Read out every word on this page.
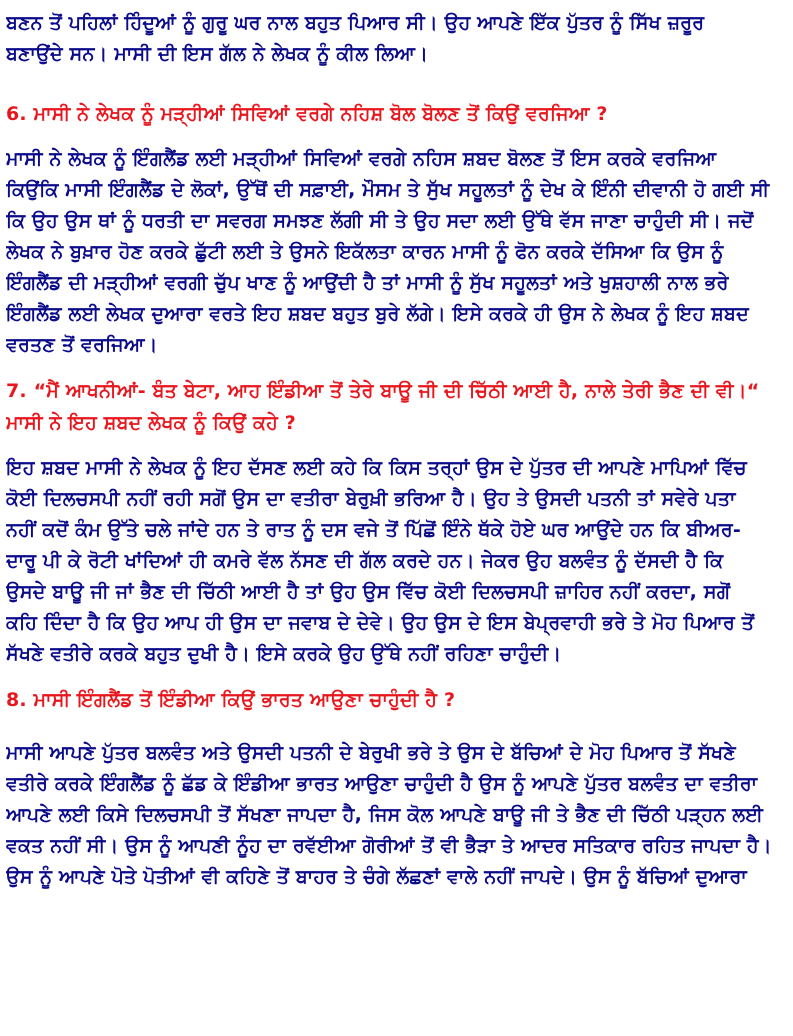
ਬਣਨ ਤੋਂ ਪਹਿਲਾਂ ਹਿੰਦੂਆਂ ਨੂੰ ਗੁਰੂ ਘਰ ਨਾਲ ਬਹੁਤ ਪਿਆਰ ਸੀ। ਉਹ ਆਪਣੇ ਇੱਕ ਪੁੱਤਰ ਨੂੰ ਸਿੱਖ ਜ਼ਰੂਰ
ਬਣਾਉਂਦੇ ਸਨ। ਮਾਸੀ ਦੀ ਇਸ ਗੱਲ ਨੇ ਲੇਖਕ ਨੂੰ ਕੀਲ ਲਿਆ।

6. ਮਾਸੀ ਨੇ ਲੇਖਕ ਨੂੰ ਮੜ੍ਹੀਆਂ ਸਿਵਿਆਂ ਵਰਗੇ ਨਹਿਸ਼ ਬੋਲ ਬੋਲਣ ਤੋਂ ਕਿਉਂ ਵਰਜਿਆ ?

ਮਾਸੀ ਨੇ ਲੇਖਕ ਨੂੰ ਇੰਗਲੈਂਡ ਲਈ ਮੜ੍ਹੀਆਂ ਸਿਵਿਆਂ ਵਰਗੇ ਨਹਿਸ ਸ਼ਬਦ ਬੋਲਣ ਤੋਂ ਇਸ ਕਰਕੇ ਵਰਜਿਆ
ਕਿਉਂਕਿ ਮਾਸੀ ਇੰਗਲੈਂਡ ਦੇ ਲੋਕਾਂ, ਉੱਥੋਂ ਦੀ ਸਫ਼ਾਈ, ਮੌਸਮ ਤੇ ਸੁੱਖ ਸਹੂਲਤਾਂ ਨੂੰ ਦੇਖ ਕੇ ਇੰਨੀ ਦੀਵਾਨੀ ਹੋ ਗਈ ਸੀ
ਕਿ ਉਹ ਉਸ ਥਾਂ ਨੂੰ ਧਰਤੀ ਦਾ ਸਵਰਗ ਸਮਝਣ ਲੱਗੀ ਸੀ ਤੇ ਉਹ ਸਦਾ ਲਈ ਉੱਥੇ ਵੱਸ ਜਾਣਾ ਚਾਹੁੰਦੀ ਸੀ। ਜਦੋਂ
ਲੇਖਕ ਨੇ ਬੁਖ਼ਾਰ ਹੋਣ ਕਰਕੇ ਛੁੱਟੀ ਲਈ ਤੇ ਉਸਨੇ ਇਕੱਲਤਾ ਕਾਰਨ ਮਾਸੀ ਨੂੰ ਫੋਨ ਕਰਕੇ ਦੱਸਿਆ ਕਿ ਉਸ ਨੂੰ
ਇੰਗਲੈਂਡ ਦੀ ਮੜ੍ਹੀਆਂ ਵਰਗੀ ਚੁੱਪ ਖਾਣ ਨੂੰ ਆਉਂਦੀ ਹੈ ਤਾਂ ਮਾਸੀ ਨੂੰ ਸੁੱਖ ਸਹੂਲਤਾਂ ਅਤੇ ਖੁਸ਼ਹਾਲੀ ਨਾਲ ਭਰੇ
ਇੰਗਲੈਂਡ ਲਈ ਲੇਖਕ ਦੁਆਰਾ ਵਰਤੇ ਇਹ ਸ਼ਬਦ ਬਹੁਤ ਬੁਰੇ ਲੱਗੇ। ਇਸੇ ਕਰਕੇ ਹੀ ਉਸ ਨੇ ਲੇਖਕ ਨੂੰ ਇਹ ਸ਼ਬਦ
ਵਰਤਣ ਤੋਂ ਵਰਜਿਆ।

7. “ਮੈਂ ਆਖਨੀਆਂ- ਬੰਤ ਬੇਟਾ, ਆਹ ਇੰਡੀਆ ਤੋਂ ਤੇਰੇ ਬਾਊ ਜੀ ਦੀ ਚਿੱਠੀ ਆਈ ਹੈ, ਨਾਲੇ ਤੇਰੀ ਭੈਣ ਦੀ ਵੀ।“
ਮਾਸੀ ਨੇ ਇਹ ਸ਼ਬਦ ਲੇਖਕ ਨੂੰ ਕਿਉਂ ਕਹੇ ?

ਇਹ ਸ਼ਬਦ ਮਾਸੀ ਨੇ ਲੇਖਕ ਨੂੰ ਇਹ ਦੱਸਣ ਲਈ ਕਹੇ ਕਿ ਕਿਸ ਤਰ੍ਹਾਂ ਉਸ ਦੇ ਪੁੱਤਰ ਦੀ ਆਪਣੇ ਮਾਪਿਆਂ ਵਿੱਚ
ਕੋਈ ਦਿਲਚਸਪੀ ਨਹੀਂ ਰਹੀ ਸਗੋਂ ਉਸ ਦਾ ਵਤੀਰਾ ਬੇਰੁਖ਼ੀ ਭਰਿਆ ਹੈ। ਉਹ ਤੇ ਉਸਦੀ ਪਤਨੀ ਤਾਂ ਸਵੇਰੇ ਪਤਾ
ਨਹੀਂ ਕਦੋਂ ਕੰਮ ਉੱਤੇ ਚਲੇ ਜਾਂਦੇ ਹਨ ਤੇ ਰਾਤ ਨੂੰ ਦਸ ਵਜੇ ਤੋਂ ਪਿੱਛੋਂ ਇੰਨੇ ਥੱਕੇ ਹੋਏ ਘਰ ਆਉਂਦੇ ਹਨ ਕਿ ਬੀਅਰ-
ਦਾਰੂ ਪੀ ਕੇ ਰੋਟੀ ਖਾਂਦਿਆਂ ਹੀ ਕਮਰੇ ਵੱਲ ਨੱਸਣ ਦੀ ਗੱਲ ਕਰਦੇ ਹਨ। ਜੇਕਰ ਉਹ ਬਲਵੰਤ ਨੂੰ ਦੱਸਦੀ ਹੈ ਕਿ
ਉਸਦੇ ਬਾਊ ਜੀ ਜਾਂ ਭੈਣ ਦੀ ਚਿੱਠੀ ਆਈ ਹੈ ਤਾਂ ਉਹ ਉਸ ਵਿੱਚ ਕੋਈ ਦਿਲਚਸਪੀ ਜ਼ਾਹਿਰ ਨਹੀਂ ਕਰਦਾ, ਸਗੋਂ
ਕਹਿ ਦਿੰਦਾ ਹੈ ਕਿ ਉਹ ਆਪ ਹੀ ਉਸ ਦਾ ਜਵਾਬ ਦੇ ਦੇਵੇ। ਉਹ ਉਸ ਦੇ ਇਸ ਬੇਪ੍ਰਵਾਹੀ ਭਰੇ ਤੇ ਮੋਹ ਪਿਆਰ ਤੋਂ
ਸੱਖਣੇ ਵਤੀਰੇ ਕਰਕੇ ਬਹੁਤ ਦੁਖੀ ਹੈ। ਇਸੇ ਕਰਕੇ ਉਹ ਉੱਥੇ ਨਹੀਂ ਰਹਿਣਾ ਚਾਹੁੰਦੀ।

8. ਮਾਸੀ ਇੰਗਲੈਂਡ ਤੋਂ ਇੰਡੀਆ ਕਿਉਂ ਭਾਰਤ ਆਉਣਾ ਚਾਹੁੰਦੀ ਹੈ ?

ਮਾਸੀ ਆਪਣੇ ਪੁੱਤਰ ਬਲਵੰਤ ਅਤੇ ਉਸਦੀ ਪਤਨੀ ਦੇ ਬੇਰੁਖੀ ਭਰੇ ਤੇ ਉਸ ਦੇ ਬੱਚਿਆਂ ਦੇ ਮੋਹ ਪਿਆਰ ਤੋਂ ਸੱਖਣੇ
ਵਤੀਰੇ ਕਰਕੇ ਇੰਗਲੈਂਡ ਨੂੰ ਛੱਡ ਕੇ ਇੰਡੀਆ ਭਾਰਤ ਆਉਣਾ ਚਾਹੁੰਦੀ ਹੈ ਉਸ ਨੂੰ ਆਪਣੇ ਪੁੱਤਰ ਬਲਵੰਤ ਦਾ ਵਤੀਰਾ
ਆਪਣੇ ਲਈ ਕਿਸੇ ਦਿਲਚਸਪੀ ਤੋਂ ਸੱਖਣਾ ਜਾਪਦਾ ਹੈ, ਜਿਸ ਕੋਲ ਆਪਣੇ ਬਾਊ ਜੀ ਤੇ ਭੈਣ ਦੀ ਚਿੱਠੀ ਪੜ੍ਹਨ ਲਈ
ਵਕਤ ਨਹੀਂ ਸੀ। ਉਸ ਨੂੰ ਆਪਣੀ ਨੂੰਹ ਦਾ ਰਵੱਈਆ ਗੋਰੀਆਂ ਤੋਂ ਵੀ ਭੈੜਾ ਤੇ ਆਦਰ ਸਤਿਕਾਰ ਰਹਿਤ ਜਾਪਦਾ ਹੈ।
ਉਸ ਨੂੰ ਆਪਣੇ ਪੋਤੇ ਪੋਤੀਆਂ ਵੀ ਕਹਿਣੇ ਤੋਂ ਬਾਹਰ ਤੇ ਚੰਗੇ ਲੱਛਣਾਂ ਵਾਲੇ ਨਹੀਂ ਜਾਪਦੇ। ਉਸ ਨੂੰ ਬੱਚਿਆਂ ਦੁਆਰਾ
